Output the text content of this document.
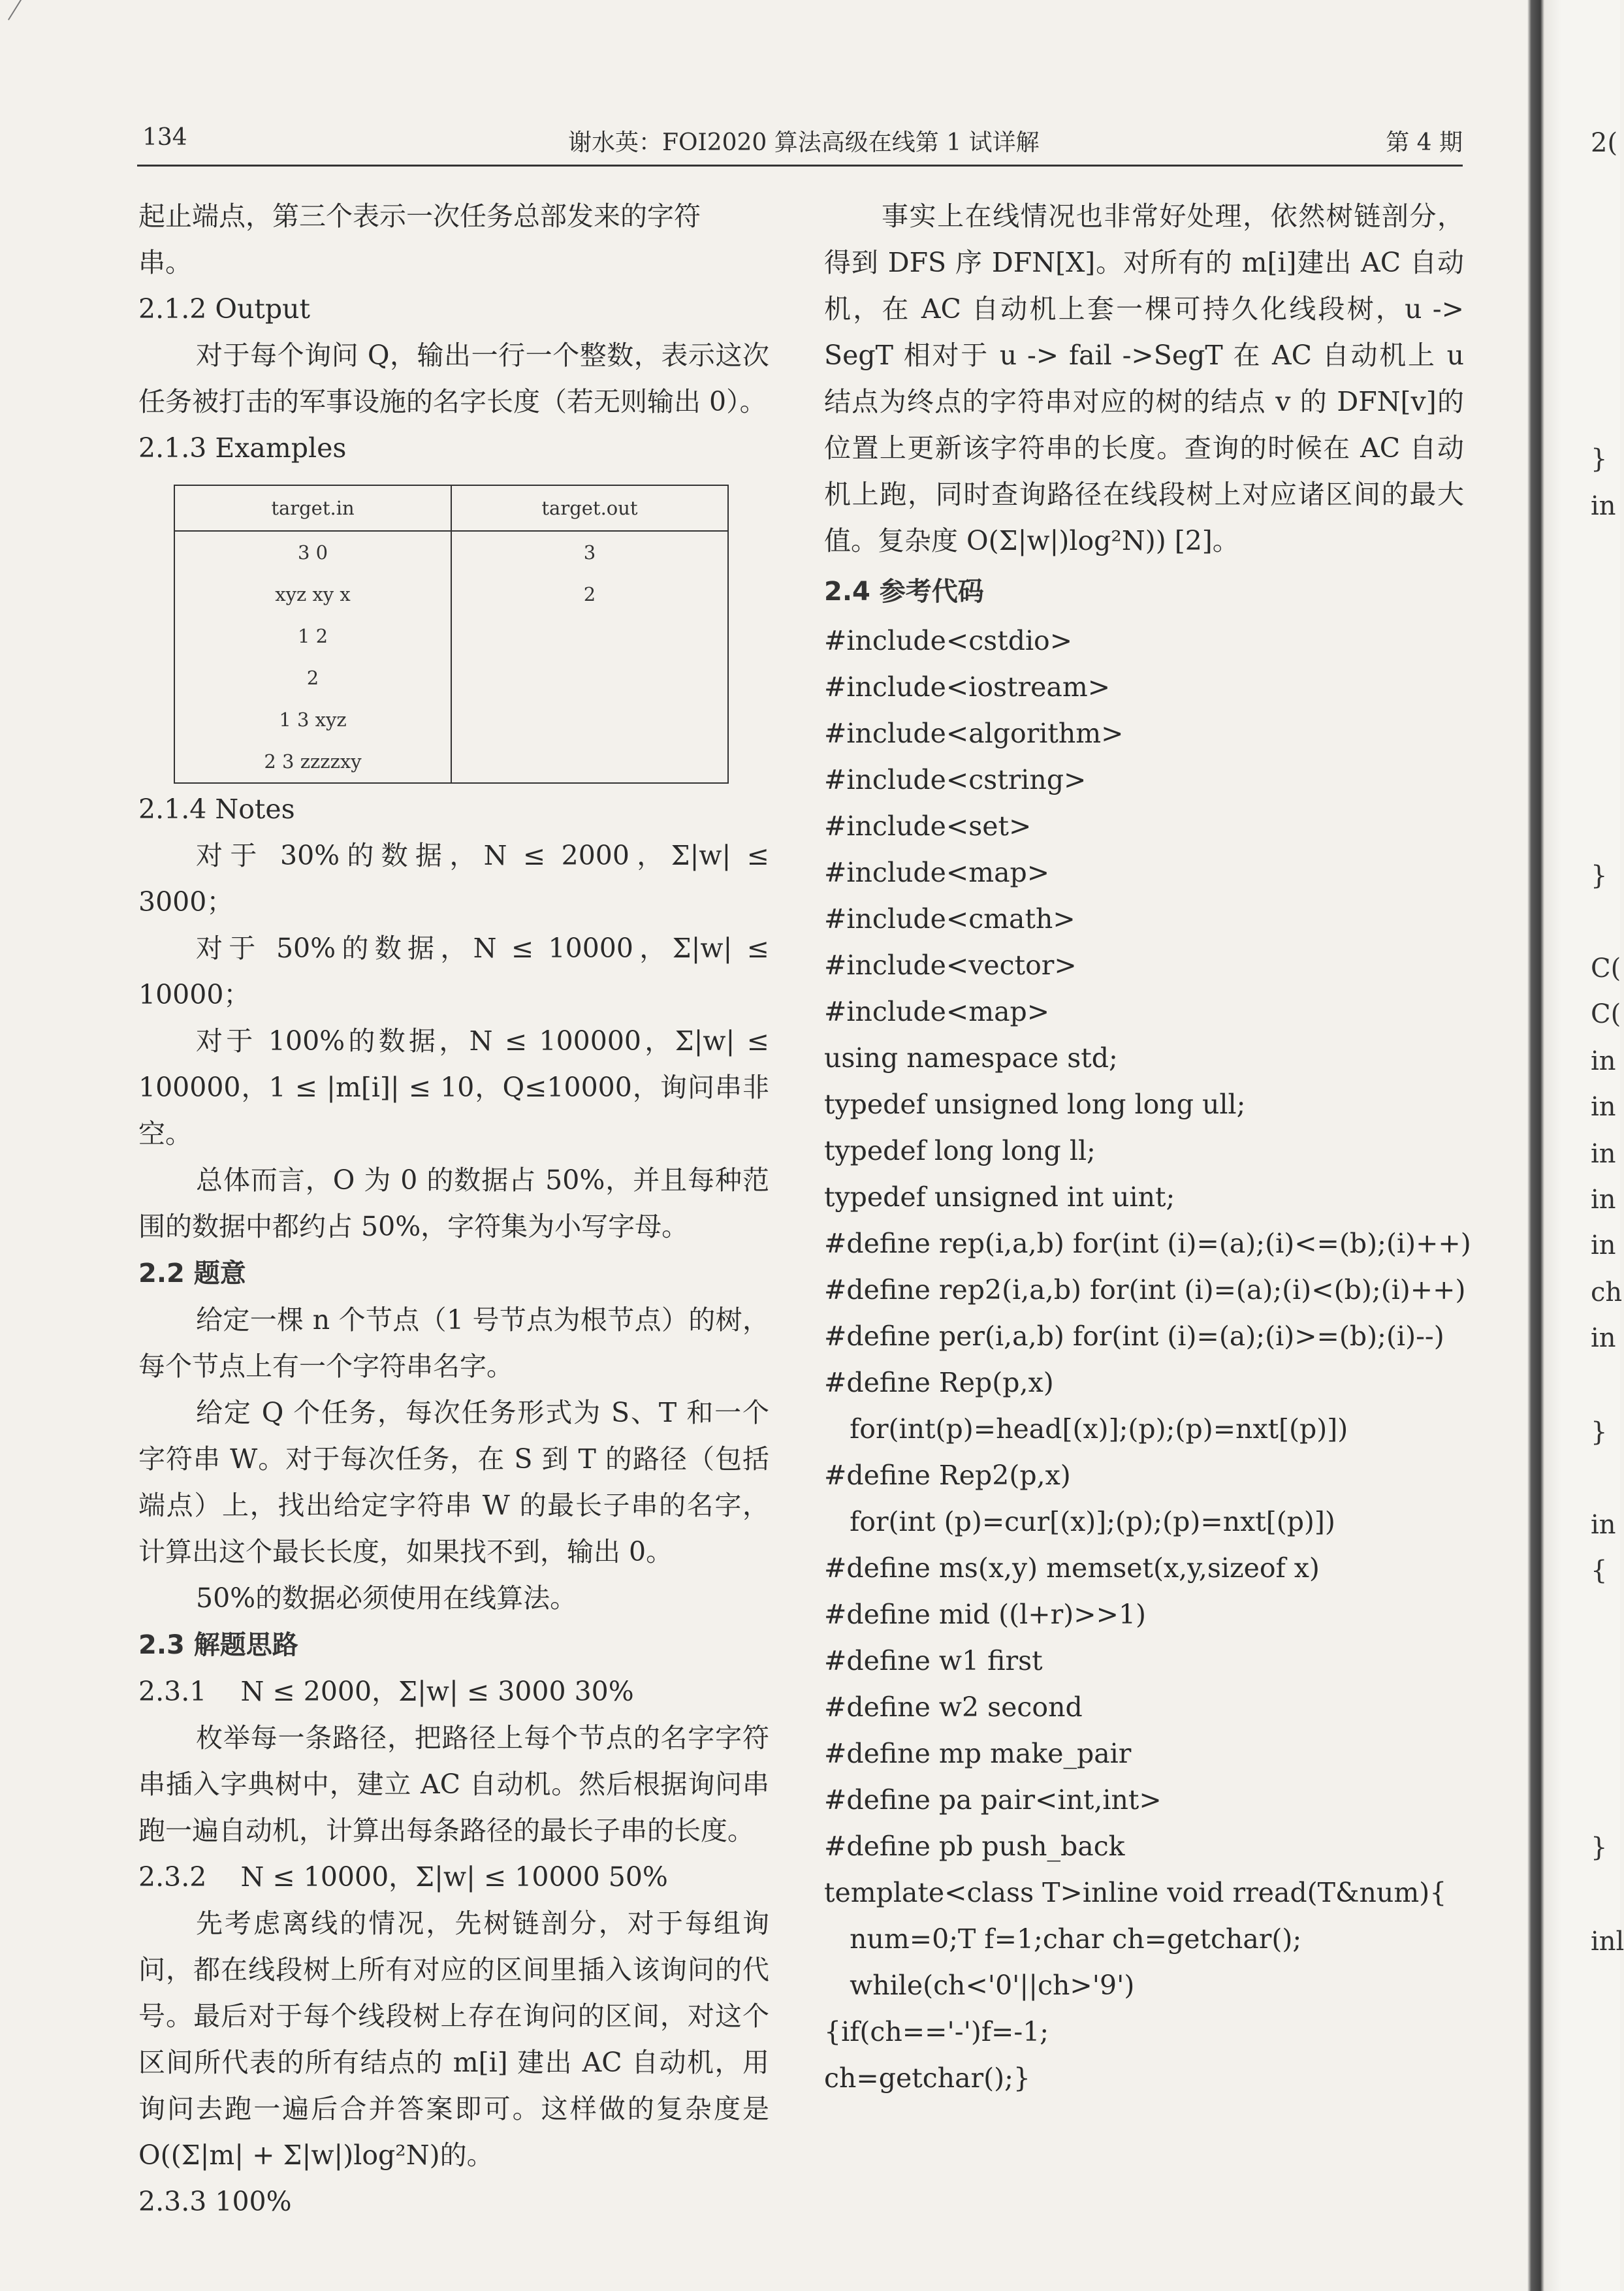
134	谢水英：FOI2020 算法高级在线第 1 试详解	第 4 期

起止端点，第三个表示一次任务总部发来的字符

串。

2.1.2 Output

对于每个询问 Q，输出一行一个整数，表示这次任务被打击的军事设施的名字长度（若无则输出 0）。

2.1.3 Examples

target.in	target.out
3 0	3
xyz xy x	2
1 2	
2	
1 3 xyz	
2 3 zzzzxy	

2.1.4 Notes

对于 30%的数据，N ≤ 2000，Σ|w| ≤ 3000；

对于 50%的数据，N ≤ 10000，Σ|w| ≤ 10000；

对于 100%的数据，N ≤ 100000，Σ|w| ≤ 100000，1 ≤ |m[i]| ≤ 10，Q≤10000，询问串非空。

总体而言，O 为 0 的数据占 50%，并且每种范围的数据中都约占 50%，字符集为小写字母。

2.2 题意

给定一棵 n 个节点（1 号节点为根节点）的树，每个节点上有一个字符串名字。

给定 Q 个任务，每次任务形式为 S、T 和一个字符串 W。对于每次任务，在 S 到 T 的路径（包括端点）上，找出给定字符串 W 的最长子串的名字，计算出这个最长长度，如果找不到，输出 0。

50%的数据必须使用在线算法。

2.3 解题思路

2.3.1    N ≤ 2000，Σ|w| ≤ 3000 30%

枚举每一条路径，把路径上每个节点的名字字符串插入字典树中，建立 AC 自动机。然后根据询问串跑一遍自动机，计算出每条路径的最长子串的长度。

2.3.2    N ≤ 10000，Σ|w| ≤ 10000 50%

先考虑离线的情况，先树链剖分，对于每组询问，都在线段树上所有对应的区间里插入该询问的代号。最后对于每个线段树上存在询问的区间，对这个区间所代表的所有结点的 m[i] 建出 AC 自动机，用询问去跑一遍后合并答案即可。这样做的复杂度是 O((Σ|m| + Σ|w|)log²N)的。

2.3.3 100%

事实上在线情况也非常好处理，依然树链剖分，得到 DFS 序 DFN[X]。对所有的 m[i]建出 AC 自动机，在 AC 自动机上套一棵可持久化线段树，u -> SegT 相对于 u -> fail ->SegT 在 AC 自动机上 u 结点为终点的字符串对应的树的结点 v 的 DFN[v]的位置上更新该字符串的长度。查询的时候在 AC 自动机上跑，同时查询路径在线段树上对应诸区间的最大值。复杂度 O(Σ|w|)log²N)) [2]。

2.4 参考代码

#include<cstdio>

#include<iostream>

#include<algorithm>

#include<cstring>

#include<set>

#include<map>

#include<cmath>

#include<vector>

#include<map>

using namespace std;

typedef unsigned long long ull;

typedef long long ll;

typedef unsigned int uint;

#define rep(i,a,b) for(int (i)=(a);(i)<=(b);(i)++)

#define rep2(i,a,b) for(int (i)=(a);(i)<(b);(i)++)

#define per(i,a,b) for(int (i)=(a);(i)>=(b);(i)--)

#define Rep(p,x)

for(int(p)=head[(x)];(p);(p)=nxt[(p)])

#define Rep2(p,x)

for(int (p)=cur[(x)];(p);(p)=nxt[(p)])

#define ms(x,y) memset(x,y,sizeof x)

#define mid ((l+r)>>1)

#define w1 first

#define w2 second

#define mp make_pair

#define pa pair<int,int>

#define pb push_back

template<class T>inline void rread(T&num){

num=0;T f=1;char ch=getchar();

while(ch<'0'||ch>'9')

{if(ch=='-')f=-1;

ch=getchar();}

2(
}
in
}
C(
C(
in
in
in
in
in
ch
in
}
in
{
}
inl
